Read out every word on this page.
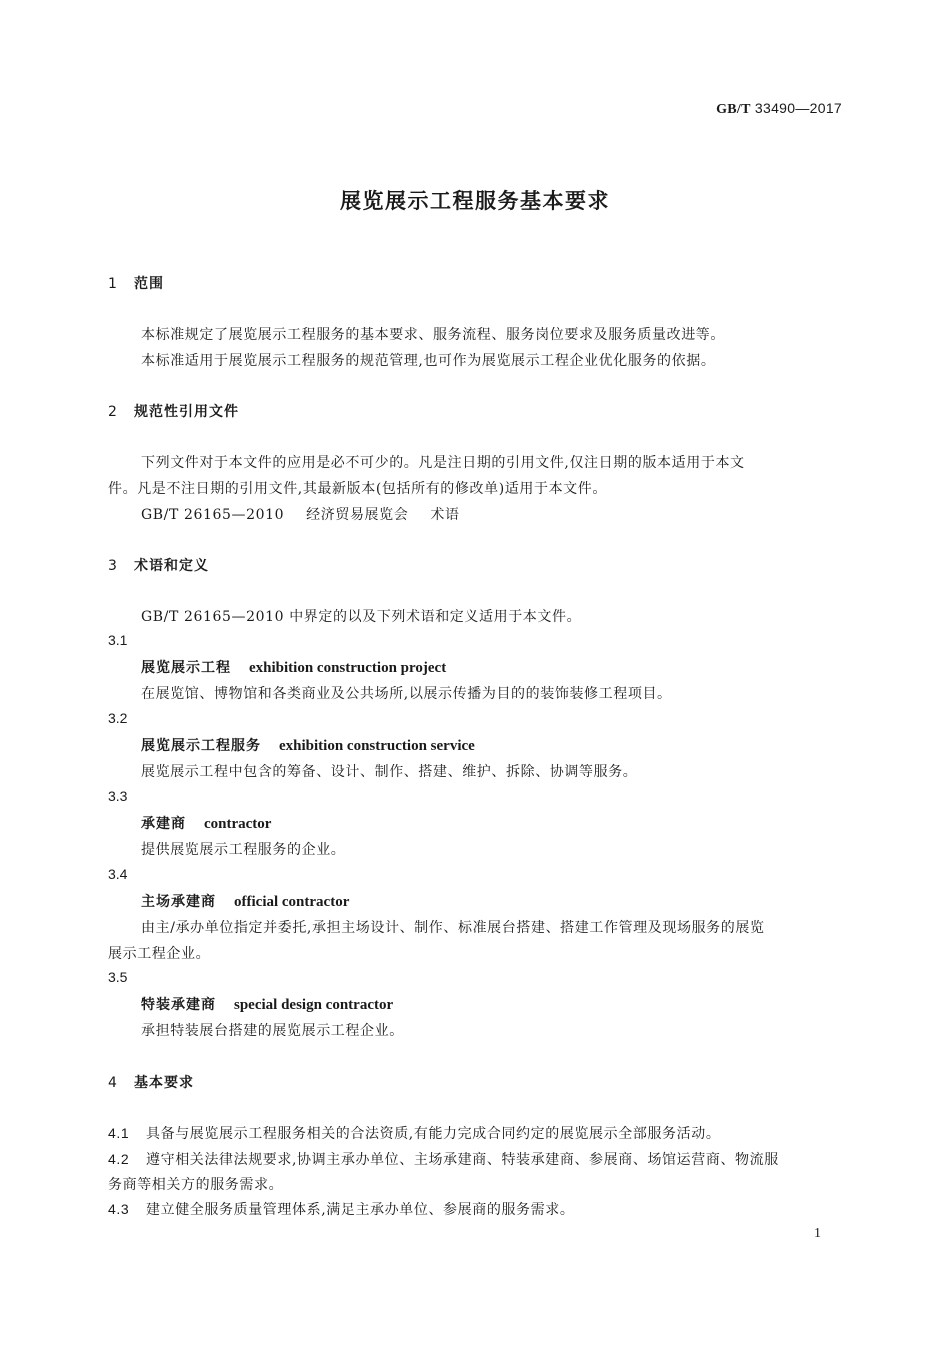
GB/T 33490—2017
展览展示工程服务基本要求
1 范围
本标准规定了展览展示工程服务的基本要求、服务流程、服务岗位要求及服务质量改进等。
本标准适用于展览展示工程服务的规范管理,也可作为展览展示工程企业优化服务的依据。
2 规范性引用文件
下列文件对于本文件的应用是必不可少的。凡是注日期的引用文件,仅注日期的版本适用于本文
件。凡是不注日期的引用文件,其最新版本(包括所有的修改单)适用于本文件。
GB/T 26165—2010 经济贸易展览会 术语
3 术语和定义
GB/T 26165—2010 中界定的以及下列术语和定义适用于本文件。
3.1
展览展示工程 exhibition construction project
在展览馆、博物馆和各类商业及公共场所,以展示传播为目的的装饰装修工程项目。
3.2
展览展示工程服务 exhibition construction service
展览展示工程中包含的筹备、设计、制作、搭建、维护、拆除、协调等服务。
3.3
承建商 contractor
提供展览展示工程服务的企业。
3.4
主场承建商 official contractor
由主/承办单位指定并委托,承担主场设计、制作、标准展台搭建、搭建工作管理及现场服务的展览
展示工程企业。
3.5
特装承建商 special design contractor
承担特装展台搭建的展览展示工程企业。
4 基本要求
4.1 具备与展览展示工程服务相关的合法资质,有能力完成合同约定的展览展示全部服务活动。
4.2 遵守相关法律法规要求,协调主承办单位、主场承建商、特装承建商、参展商、场馆运营商、物流服
务商等相关方的服务需求。
4.3 建立健全服务质量管理体系,满足主承办单位、参展商的服务需求。
1
